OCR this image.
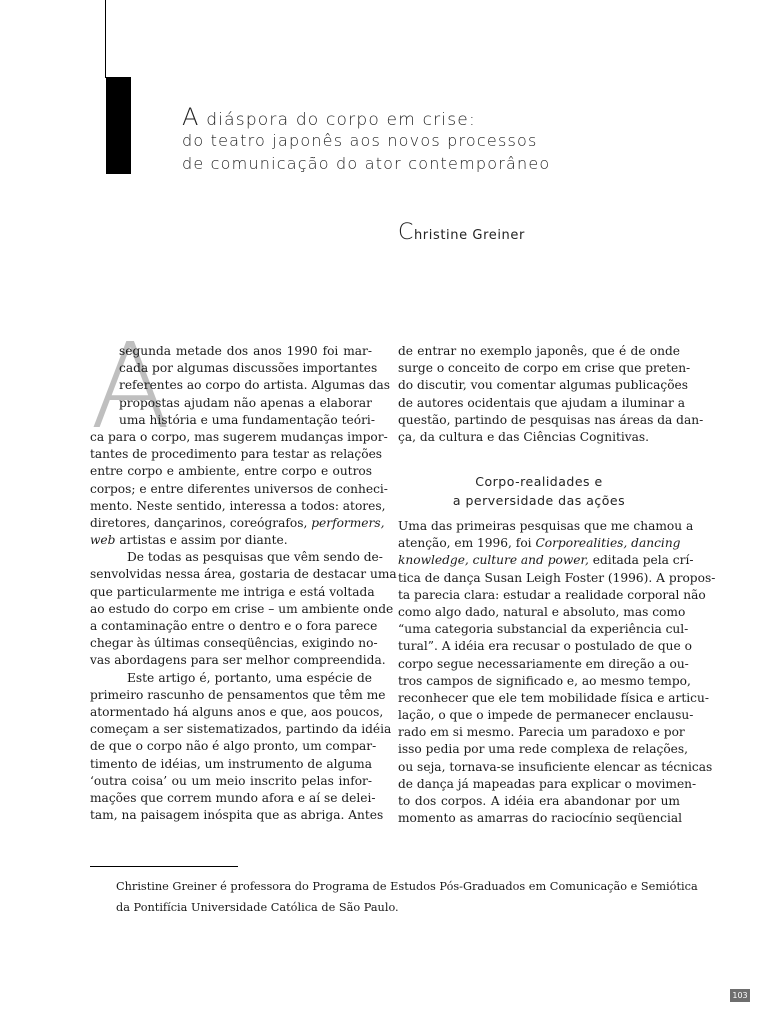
A diáspora do corpo em crise:
do teatro japonês aos novos processos
de comunicação do ator contemporâneo
Christine Greiner
A

segunda metade dos anos 1990 foi mar-
cada por algumas discussões importantes
referentes ao corpo do artista. Algumas das
propostas ajudam não apenas a elaborar
uma história e uma fundamentação teóri-
ca para o corpo, mas sugerem mudanças impor-
tantes de procedimento para testar as relações
entre corpo e ambiente, entre corpo e outros
corpos; e entre diferentes universos de conheci-
mento. Neste sentido, interessa a todos: atores,
diretores, dançarinos, coreógrafos, performers,
web artistas e assim por diante.

De todas as pesquisas que vêm sendo de-
senvolvidas nessa área, gostaria de destacar uma
que particularmente me intriga e está voltada
ao estudo do corpo em crise – um ambiente onde
a contaminação entre o dentro e o fora parece
chegar às últimas conseqüências, exigindo no-
vas abordagens para ser melhor compreendida.

Este artigo é, portanto, uma espécie de
primeiro rascunho de pensamentos que têm me
atormentado há alguns anos e que, aos poucos,
começam a ser sistematizados, partindo da idéia
de que o corpo não é algo pronto, um compar-
timento de idéias, um instrumento de alguma
‘outra coisa’ ou um meio inscrito pelas infor-
mações que correm mundo afora e aí se delei-
tam, na paisagem inóspita que as abriga. Antes

de entrar no exemplo japonês, que é de onde
surge o conceito de corpo em crise que preten-
do discutir, vou comentar algumas publicações
de autores ocidentais que ajudam a iluminar a
questão, partindo de pesquisas nas áreas da dan-
ça, da cultura e das Ciências Cognitivas.

Corpo-realidades e
a perversidade das ações

Uma das primeiras pesquisas que me chamou a
atenção, em 1996, foi Corporealities, dancing
knowledge, culture and power, editada pela crí-
tica de dança Susan Leigh Foster (1996). A propos-
ta parecia clara: estudar a realidade corporal não
como algo dado, natural e absoluto, mas como
“uma categoria substancial da experiência cul-
tural”. A idéia era recusar o postulado de que o
corpo segue necessariamente em direção a ou-
tros campos de significado e, ao mesmo tempo,
reconhecer que ele tem mobilidade física e articu-
lação, o que o impede de permanecer enclausu-
rado em si mesmo. Parecia um paradoxo e por
isso pedia por uma rede complexa de relações,
ou seja, tornava-se insuficiente elencar as técnicas
de dança já mapeadas para explicar o movimen-
to dos corpos. A idéia era abandonar por um
momento as amarras do raciocínio seqüencial

Christine Greiner é professora do Programa de Estudos Pós-Graduados em Comunicação e Semiótica
da Pontifícia Universidade Católica de São Paulo.
103
